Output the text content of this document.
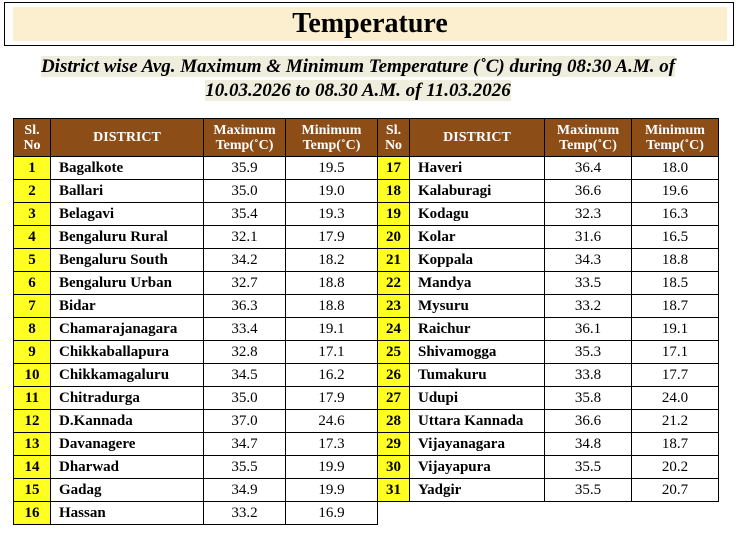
Temperature
District wise Avg. Maximum & Minimum Temperature (˚C) during 08:30 A.M. of
10.03.2026 to 08.30 A.M. of 11.03.2026
Sl.
No	DISTRICT	Maximum
Temp(˚C)	Minimum
Temp(˚C)	Sl.
No	DISTRICT	Maximum
Temp(˚C)	Minimum
Temp(˚C)
1	Bagalkote	35.9	19.5	17	Haveri	36.4	18.0
2	Ballari	35.0	19.0	18	Kalaburagi	36.6	19.6
3	Belagavi	35.4	19.3	19	Kodagu	32.3	16.3
4	Bengaluru Rural	32.1	17.9	20	Kolar	31.6	16.5
5	Bengaluru South	34.2	18.2	21	Koppala	34.3	18.8
6	Bengaluru Urban	32.7	18.8	22	Mandya	33.5	18.5
7	Bidar	36.3	18.8	23	Mysuru	33.2	18.7
8	Chamarajanagara	33.4	19.1	24	Raichur	36.1	19.1
9	Chikkaballapura	32.8	17.1	25	Shivamogga	35.3	17.1
10	Chikkamagaluru	34.5	16.2	26	Tumakuru	33.8	17.7
11	Chitradurga	35.0	17.9	27	Udupi	35.8	24.0
12	D.Kannada	37.0	24.6	28	Uttara Kannada	36.6	21.2
13	Davanagere	34.7	17.3	29	Vijayanagara	34.8	18.7
14	Dharwad	35.5	19.9	30	Vijayapura	35.5	20.2
15	Gadag	34.9	19.9	31	Yadgir	35.5	20.7
16	Hassan	33.2	16.9				
